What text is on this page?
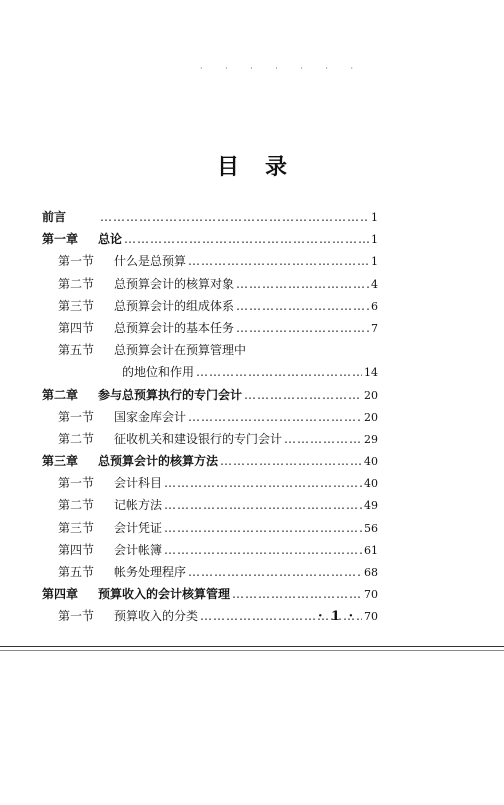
· · · · · · ·
目录
前言 …………………………………………………………………………………………………………	1
第一章	总论 …………………………………………………………………………………………………………	1
第一节	什么是总预算 …………………………………………………………………………………………………………	1
第二节	总预算会计的核算对象 …………………………………………………………………………………………………………	4
第三节	总预算会计的组成体系 …………………………………………………………………………………………………………	6
第四节	总预算会计的基本任务 …………………………………………………………………………………………………………	7
第五节	总预算会计在预算管理中
的地位和作用 …………………………………………………………………………………………………………	14
第二章	参与总预算执行的专门会计 …………………………………………………………………………………………………………	20
第一节	国家金库会计 …………………………………………………………………………………………………………	20
第二节	征收机关和建设银行的专门会计 …………………………………………………………………………………………………………	29
第三章	总预算会计的核算方法 …………………………………………………………………………………………………………	40
第一节	会计科目 …………………………………………………………………………………………………………	40
第二节	记帐方法 …………………………………………………………………………………………………………	49
第三节	会计凭证 …………………………………………………………………………………………………………	56
第四节	会计帐簿 …………………………………………………………………………………………………………	61
第五节	帐务处理程序 …………………………………………………………………………………………………………	68
第四章	预算收入的会计核算管理 …………………………………………………………………………………………………………	70
第一节	预算收入的分类 …………………………………………………………………………………………………………	70
· 1 ·
